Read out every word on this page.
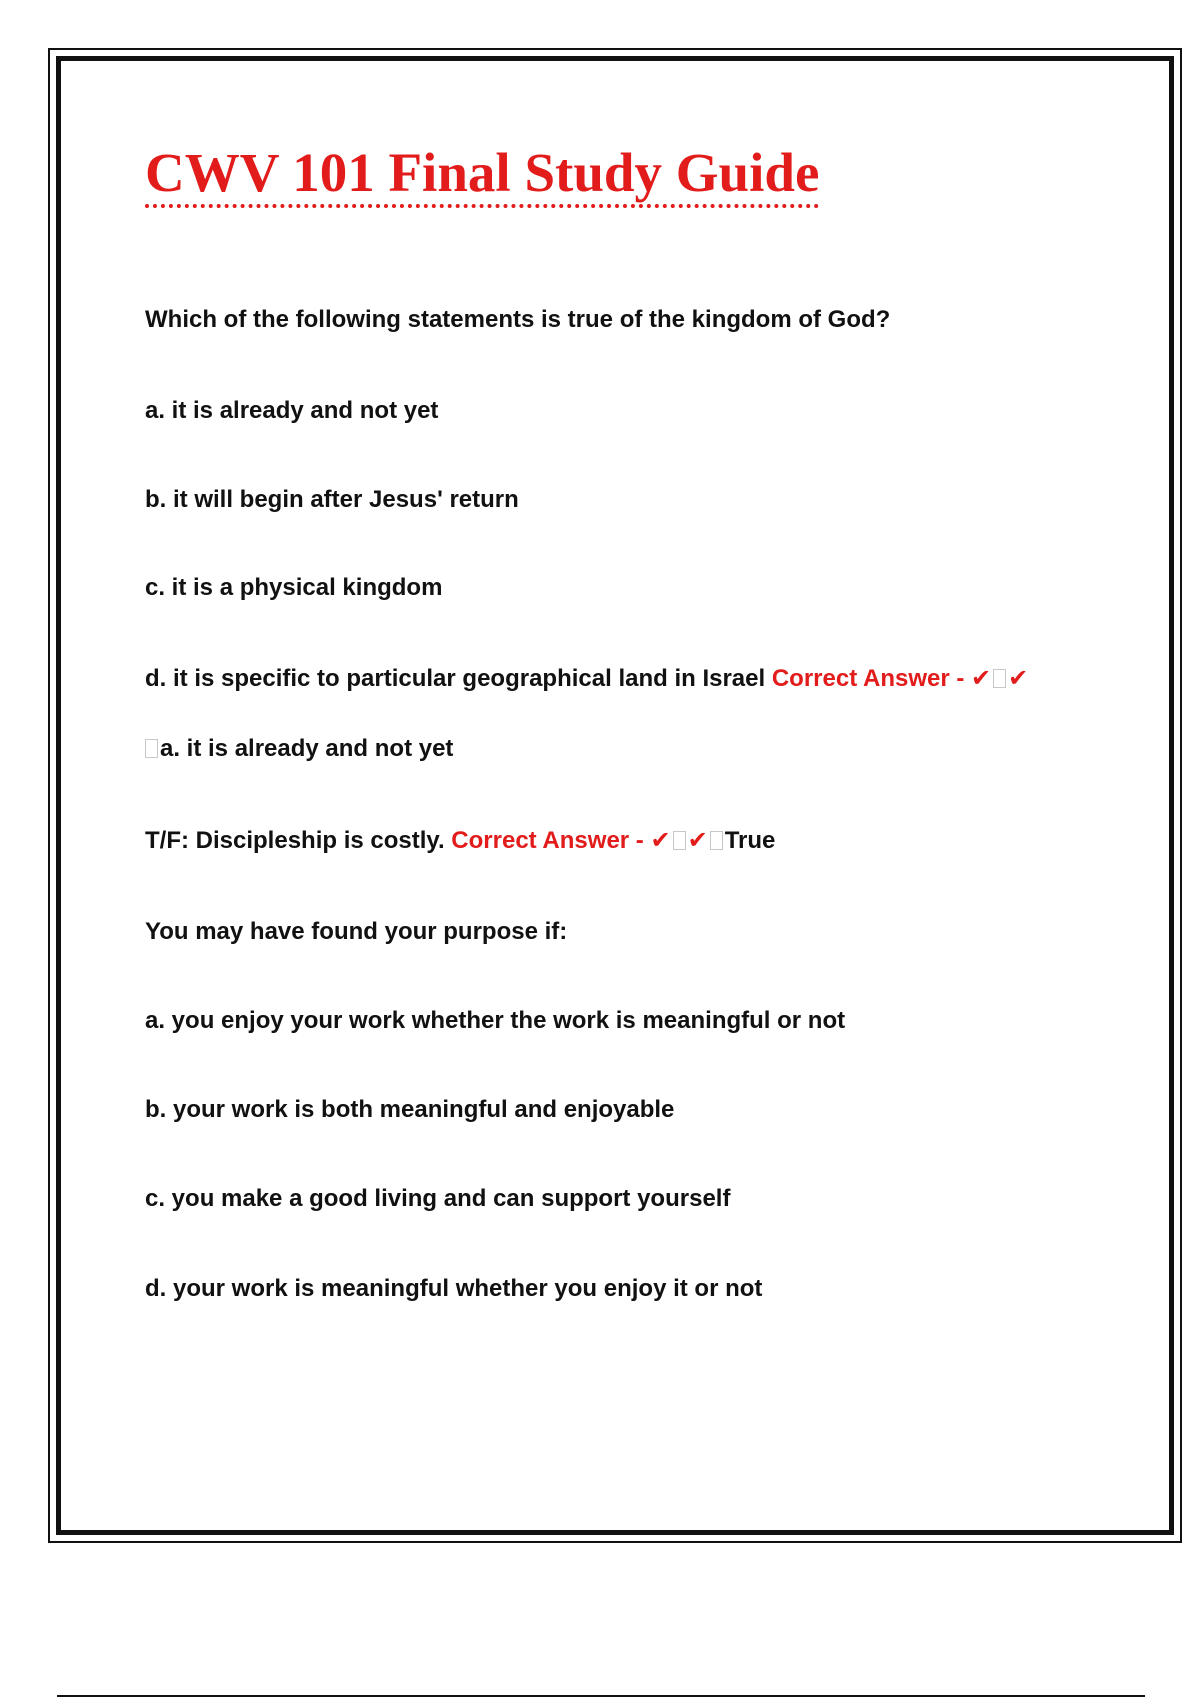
CWV 101 Final Study Guide

Which of the following statements is true of the kingdom of God?

a. it is already and not yet

b. it will begin after Jesus' return

c. it is a physical kingdom

d. it is specific to particular geographical land in Israel Correct Answer - ✔ ✔

a. it is already and not yet

T/F: Discipleship is costly. Correct Answer - ✔ ✔ True

You may have found your purpose if:

a. you enjoy your work whether the work is meaningful or not

b. your work is both meaningful and enjoyable

c. you make a good living and can support yourself

d. your work is meaningful whether you enjoy it or not
